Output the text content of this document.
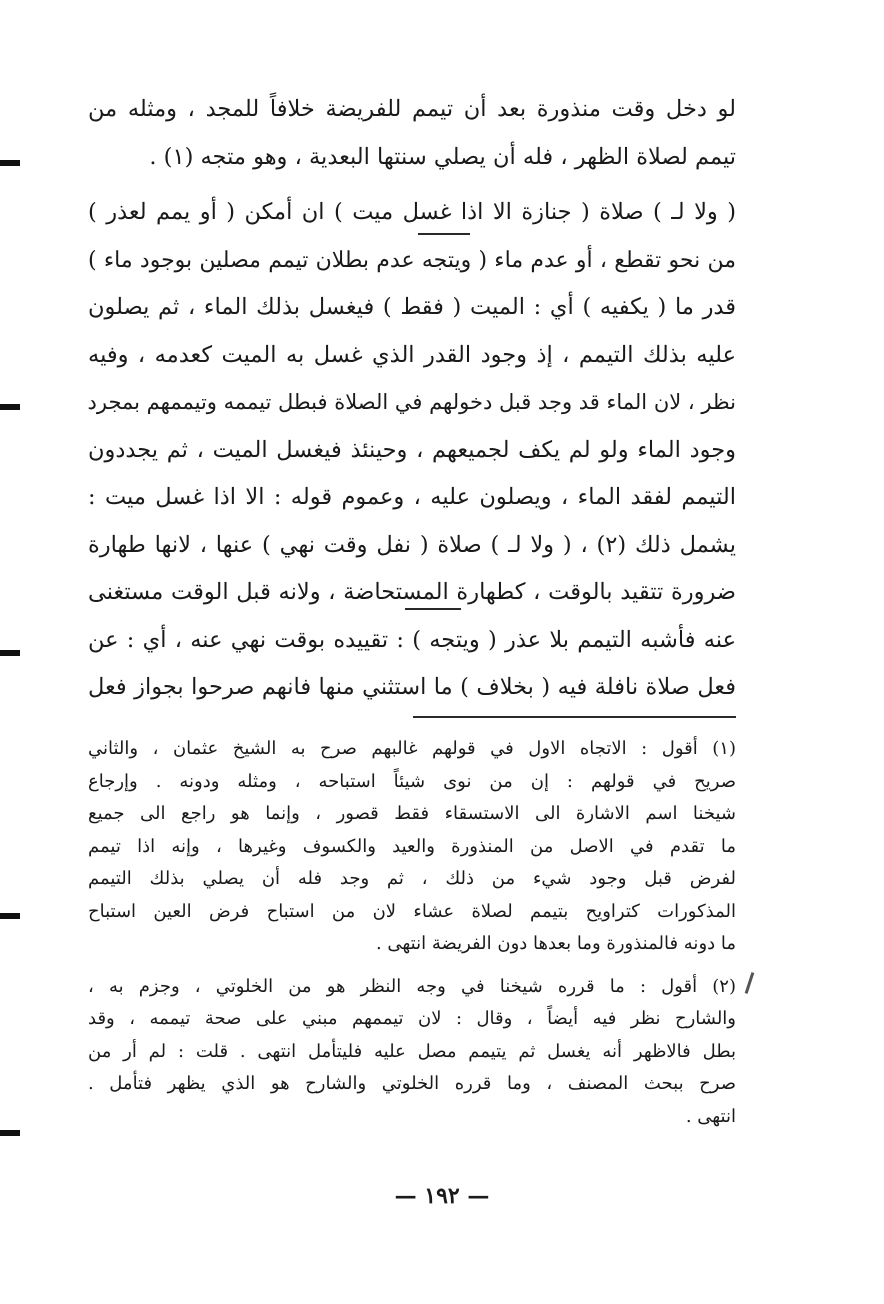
لو دخل وقت منذورة بعد أن تيمم للفريضة خلافاً للمجد ، ومثله من
تيمم لصلاة الظهر ، فله أن يصلي سنتها البعدية ، وهو متجه (١) .
( ولا لـ ) صلاة ( جنازة الا اذا غسل ميت ) ان أمكن ( أو يمم لعذر )
من نحو تقطع ، أو عدم ماء ( ويتجه عدم بطلان تيمم مصلين بوجود ماء )
قدر ما ( يكفيه ) أي : الميت ( فقط ) فيغسل بذلك الماء ، ثم يصلون
عليه بذلك التيمم ، إذ وجود القدر الذي غسل به الميت كعدمه ، وفيه
نظر ، لان الماء قد وجد قبل دخولهم في الصلاة فبطل تيممه وتيممهم بمجرد
وجود الماء ولو لم يكف لجميعهم ، وحينئذ فيغسل الميت ، ثم يجددون
التيمم لفقد الماء ، ويصلون عليه ، وعموم قوله : الا اذا غسل ميت :
يشمل ذلك (٢) ، ( ولا لـ ) صلاة ( نفل وقت نهي ) عنها ، لانها طهارة
ضرورة تتقيد بالوقت ، كطهارة المستحاضة ، ولانه قبل الوقت مستغنى
عنه فأشبه التيمم بلا عذر ( ويتجه ) : تقييده بوقت نهي عنه ، أي : عن
فعل صلاة نافلة فيه ( بخلاف ) ما استثني منها فانهم صرحوا بجواز فعل
(١) أقول : الاتجاه الاول في قولهم غالبهم صرح به الشيخ عثمان ، والثاني
صريح في قولهم : إن من نوى شيئاً استباحه ، ومثله ودونه . وإرجاع
شيخنا اسم الاشارة الى الاستسقاء فقط قصور ، وإنما هو راجع الى جميع
ما تقدم في الاصل من المنذورة والعيد والكسوف وغيرها ، وإنه اذا تيمم
لفرض قبل وجود شيء من ذلك ، ثم وجد فله أن يصلي بذلك التيمم
المذكورات كتراويح بتيمم لصلاة عشاء لان من استباح فرض العين استباح
ما دونه فالمنذورة وما بعدها دون الفريضة انتهى .
(٢) أقول : ما قرره شيخنا في وجه النظر هو من الخلوتي ، وجزم به ،
والشارح نظر فيه أيضاً ، وقال : لان تيممهم مبني على صحة تيممه ، وقد
بطل فالاظهر أنه يغسل ثم يتيمم مصل عليه فليتأمل انتهى . قلت : لم أر من
صرح ببحث المصنف ، وما قرره الخلوتي والشارح هو الذي يظهر فتأمل .
انتهى .
— ١٩٢ —
